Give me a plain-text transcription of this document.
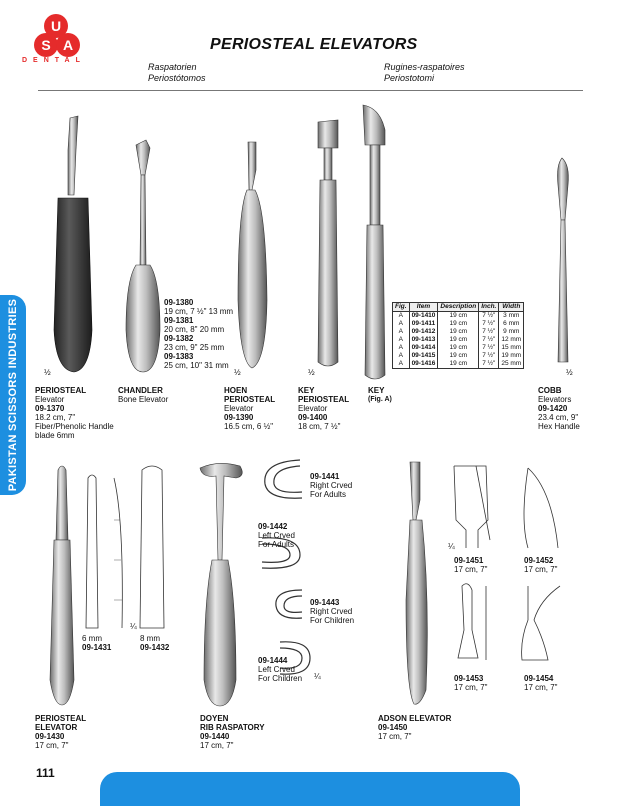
U
S A
DENTAL
PERIOSTEAL ELEVATORS
Raspatorien
Periostótomos
Rugines-raspatoires
Periostotomi
PAKISTAN SCISSORS INDUSTRIES	½
PERIOSTEAL
Elevator
09-1370
18.2 cm, 7"
Fiber/Phenolic Handle
blade 6mm
CHANDLER
Bone Elevator
09-1380
19 cm, 7 ½" 13 mm
09-1381
20 cm, 8" 20 mm
09-1382
23 cm, 9" 25 mm
09-1383
25 cm, 10" 31 mm
½
HOEN
PERIOSTEAL
Elevator
09-1390
16.5 cm, 6 ½"
½
KEY
PERIOSTEAL
Elevator
09-1400
18 cm, 7 ½"
KEY
(Fig. A)
½
COBB
Elevators
09-1420
23.4 cm, 9"
Hex Handle
Fig.	Item	Description	Inch.	Width
A	09-1410	19 cm	7 ½"	3 mm
A	09-1411	19 cm	7 ½"	6 mm
A	09-1412	19 cm	7 ½"	9 mm
A	09-1413	19 cm	7 ½"	12 mm
A	09-1414	19 cm	7 ½"	15 mm
A	09-1415	19 cm	7 ½"	19 mm
A	09-1416	19 cm	7 ½"	25 mm
6 mm
09-1431
¼
8 mm
09-1432
PERIOSTEAL
ELEVATOR
09-1430
17 cm, 7"
DOYEN
RIB RASPATORY
09-1440
17 cm, 7"
09-1441
Right Crved
For Adults
09-1442
Left Crved
For Adults
09-1443
Right Crved
For Children
09-1444
Left Crved
For Children ¼
ADSON ELEVATOR
09-1450
17 cm, 7"
¼
09-1451
17 cm, 7"
09-1452
17 cm, 7"
09-1453
17 cm, 7"
09-1454
17 cm, 7"
111
